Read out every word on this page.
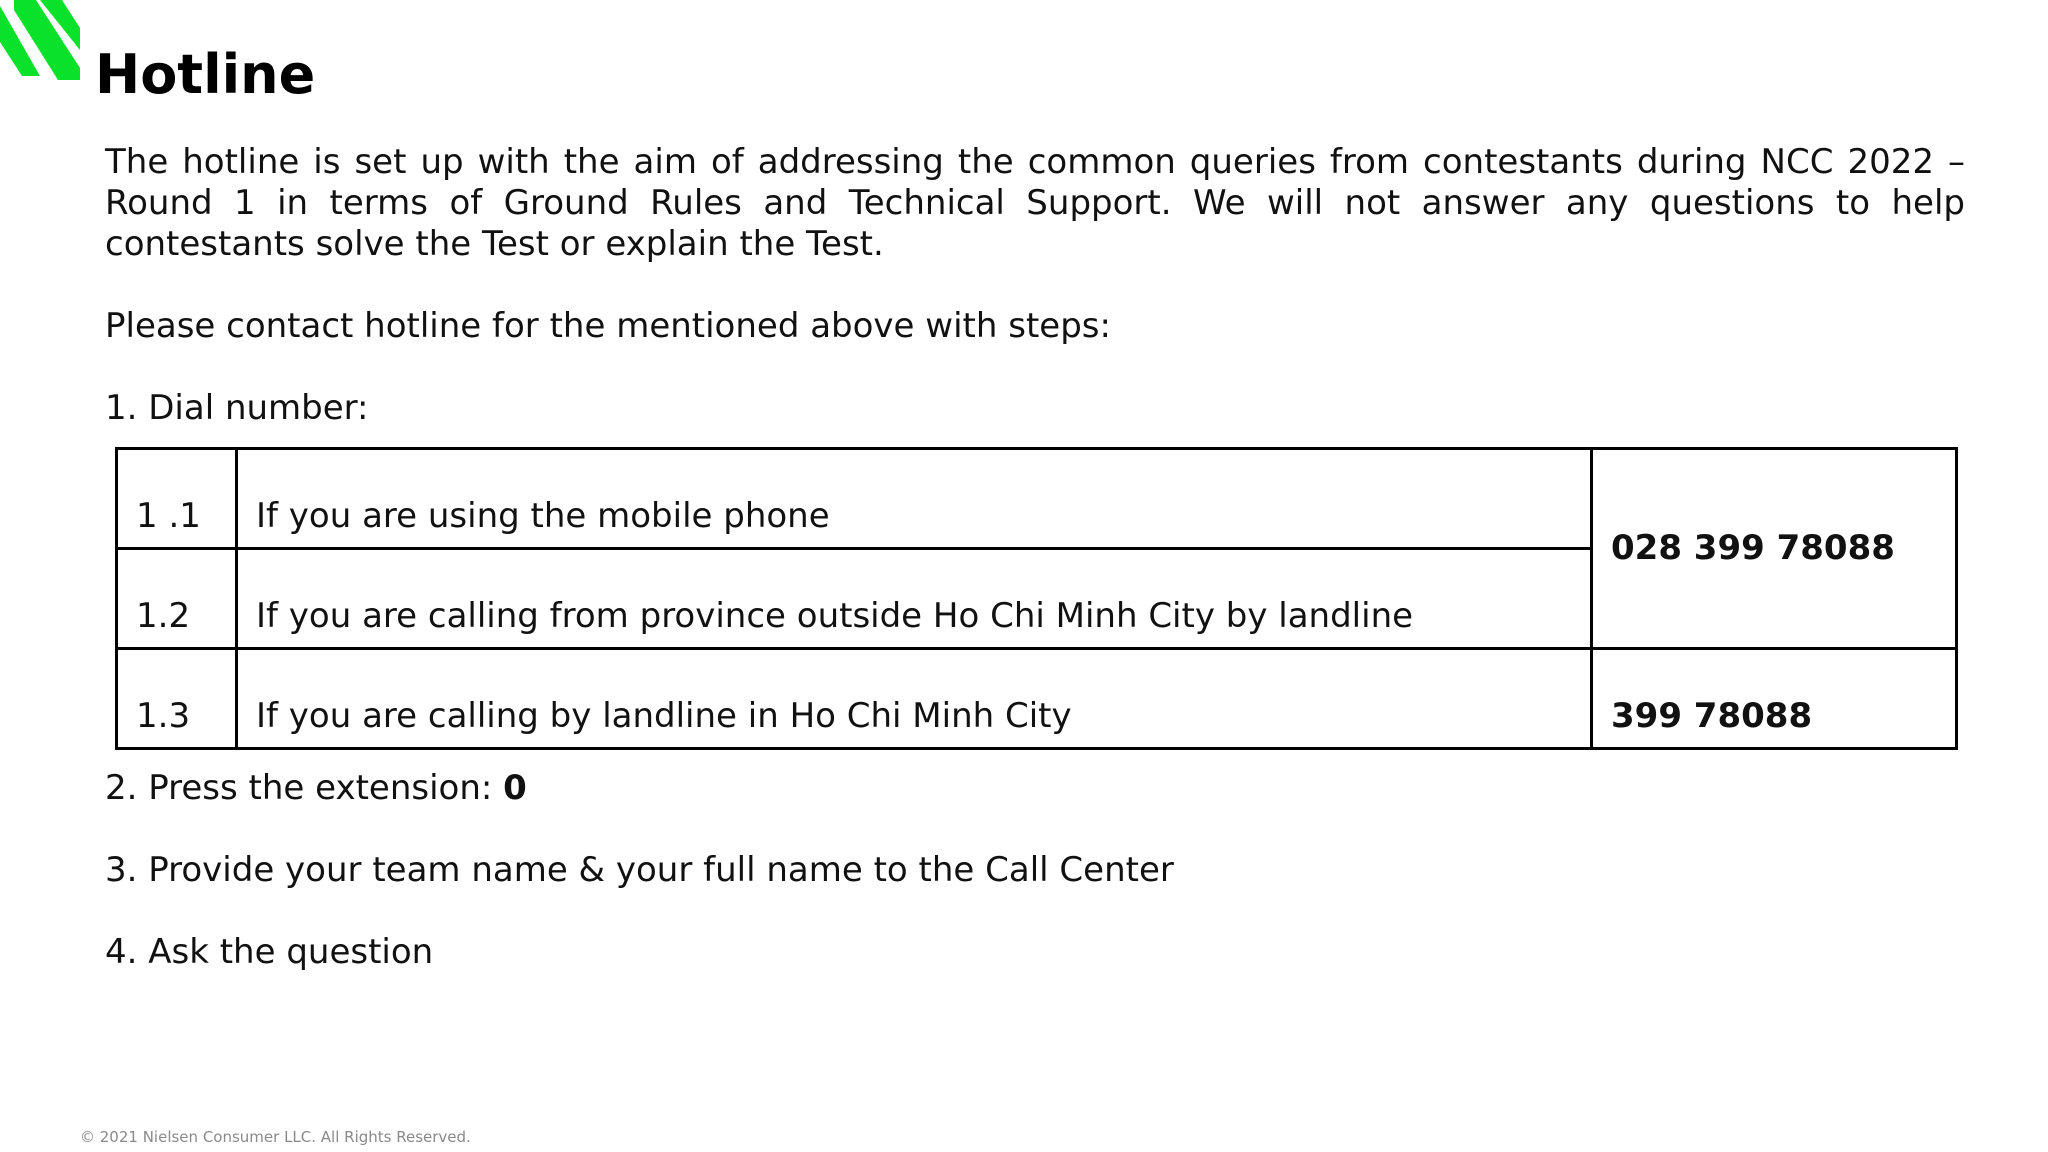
Hotline

The hotline is set up with the aim of addressing the common queries from contestants during NCC 2022 – Round 1 in terms of Ground Rules and Technical Support. We will not answer any questions to help contestants solve the Test or explain the Test.

Please contact hotline for the mentioned above with steps:

1. Dial number:

1 .1	If you are using the mobile phone	028 399 78088
1.2	If you are calling from province outside Ho Chi Minh City by landline	
1.3	If you are calling by landline in Ho Chi Minh City	399 78088

2. Press the extension: 0

3. Provide your team name & your full name to the Call Center

4. Ask the question

© 2021 Nielsen Consumer LLC. All Rights Reserved.
